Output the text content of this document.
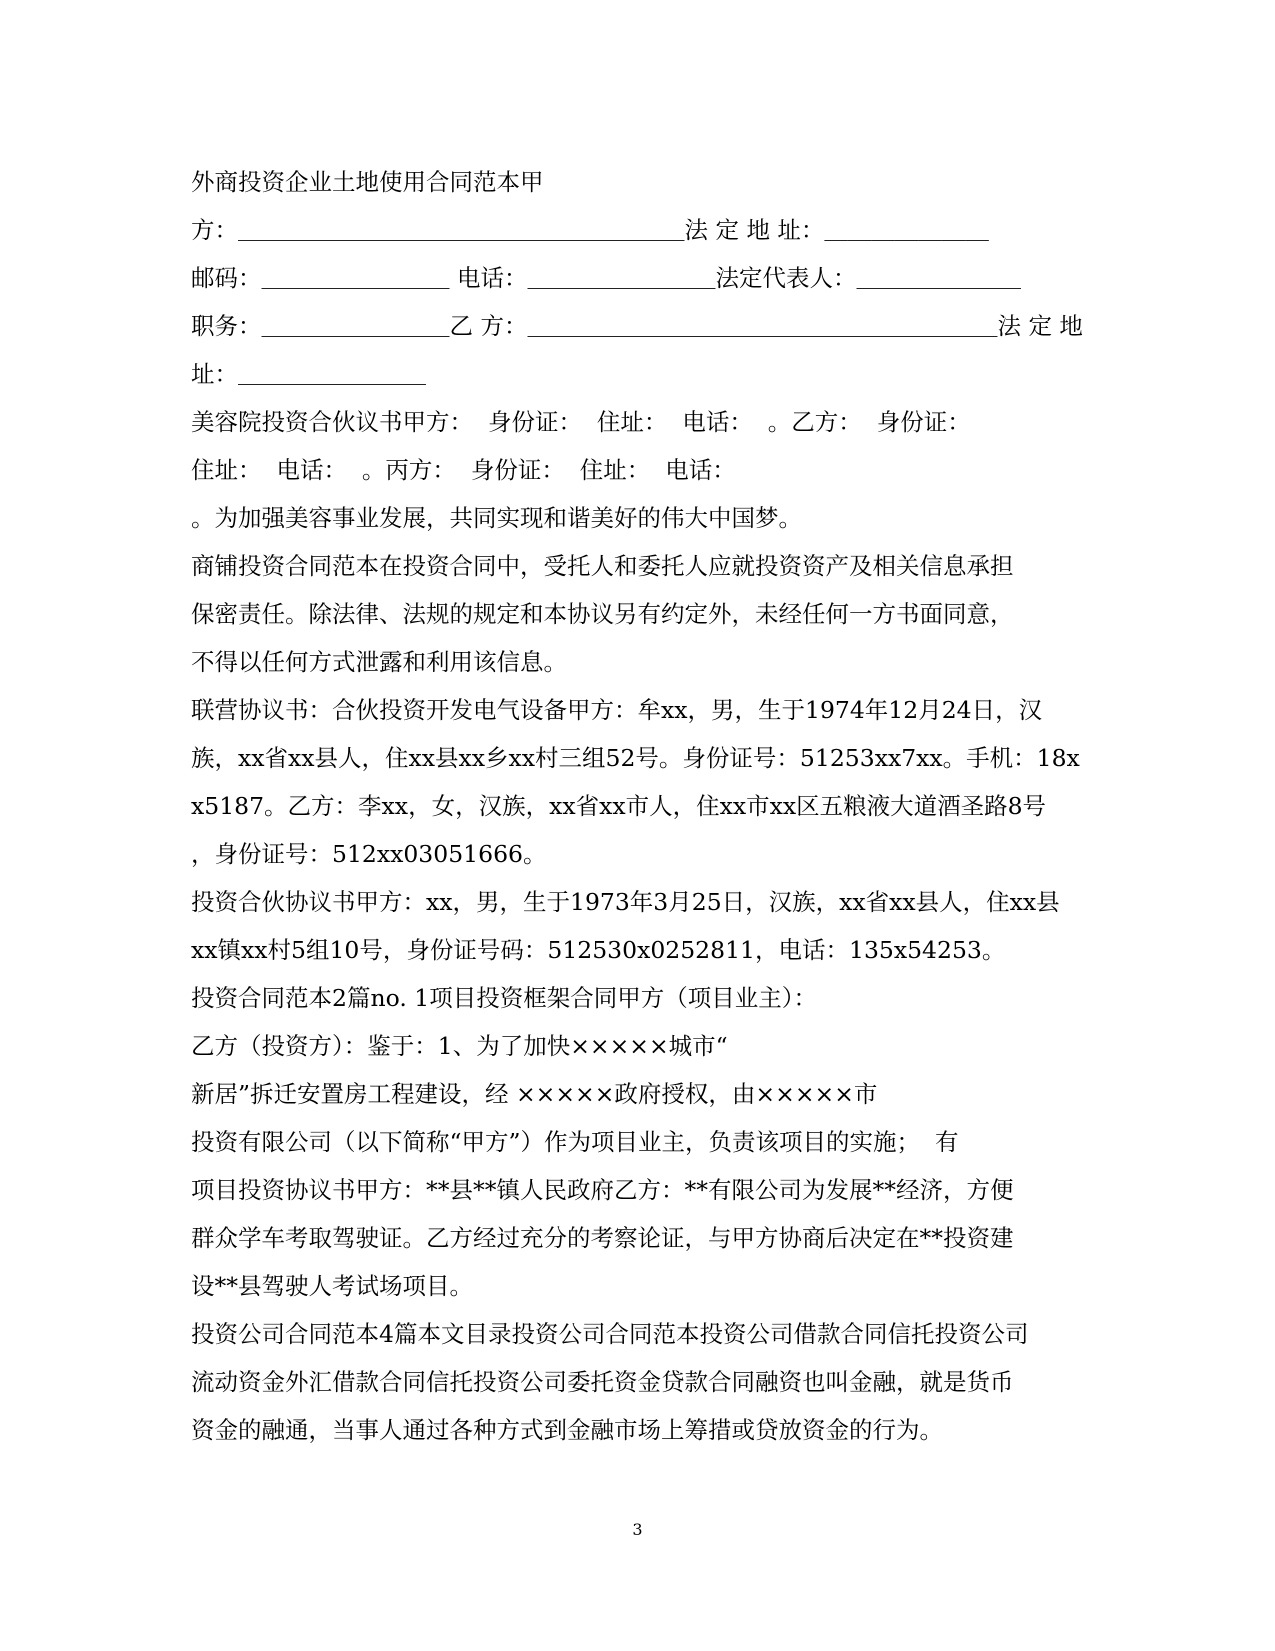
外商投资企业土地使用合同范本甲
方：＿＿＿＿＿＿＿＿＿＿＿＿＿＿＿＿＿＿＿法 定 地 址：＿＿＿＿＿＿＿
邮码：＿＿＿＿＿＿＿＿ 电话：＿＿＿＿＿＿＿＿法定代表人：＿＿＿＿＿＿＿
职务：＿＿＿＿＿＿＿＿乙 方：＿＿＿＿＿＿＿＿＿＿＿＿＿＿＿＿＿＿＿＿法 定 地
址：＿＿＿＿＿＿＿＿
美容院投资合伙议书甲方：  身份证：  住址：  电话：  。乙方：  身份证：
住址：  电话：  。丙方：  身份证：  住址：  电话：
。为加强美容事业发展，共同实现和谐美好的伟大中国梦。
商铺投资合同范本在投资合同中，受托人和委托人应就投资资产及相关信息承担
保密责任。除法律、法规的规定和本协议另有约定外，未经任何一方书面同意，
不得以任何方式泄露和利用该信息。
联营协议书：合伙投资开发电气设备甲方：牟xx，男，生于1974年12月24日，汉
族，xx省xx县人，住xx县xx乡xx村三组52号。身份证号：51253xx7xx。手机：18x
x5187。乙方：李xx，女，汉族，xx省xx市人，住xx市xx区五粮液大道酒圣路8号
，身份证号：512xx03051666。
投资合伙协议书甲方：xx，男，生于1973年3月25日，汉族，xx省xx县人，住xx县
xx镇xx村5组10号，身份证号码：512530x0252811，电话：135x54253。
投资合同范本2篇no. 1项目投资框架合同甲方（项目业主）：
乙方（投资方）：鉴于：1、为了加快×××××城市“
新居”拆迁安置房工程建设，经 ×××××政府授权，由×××××市
投资有限公司（以下简称“甲方”）作为项目业主，负责该项目的实施；  有
项目投资协议书甲方：**县**镇人民政府乙方：**有限公司为发展**经济，方便
群众学车考取驾驶证。乙方经过充分的考察论证，与甲方协商后决定在**投资建
设**县驾驶人考试场项目。
投资公司合同范本4篇本文目录投资公司合同范本投资公司借款合同信托投资公司
流动资金外汇借款合同信托投资公司委托资金贷款合同融资也叫金融，就是货币
资金的融通，当事人通过各种方式到金融市场上筹措或贷放资金的行为。
3
